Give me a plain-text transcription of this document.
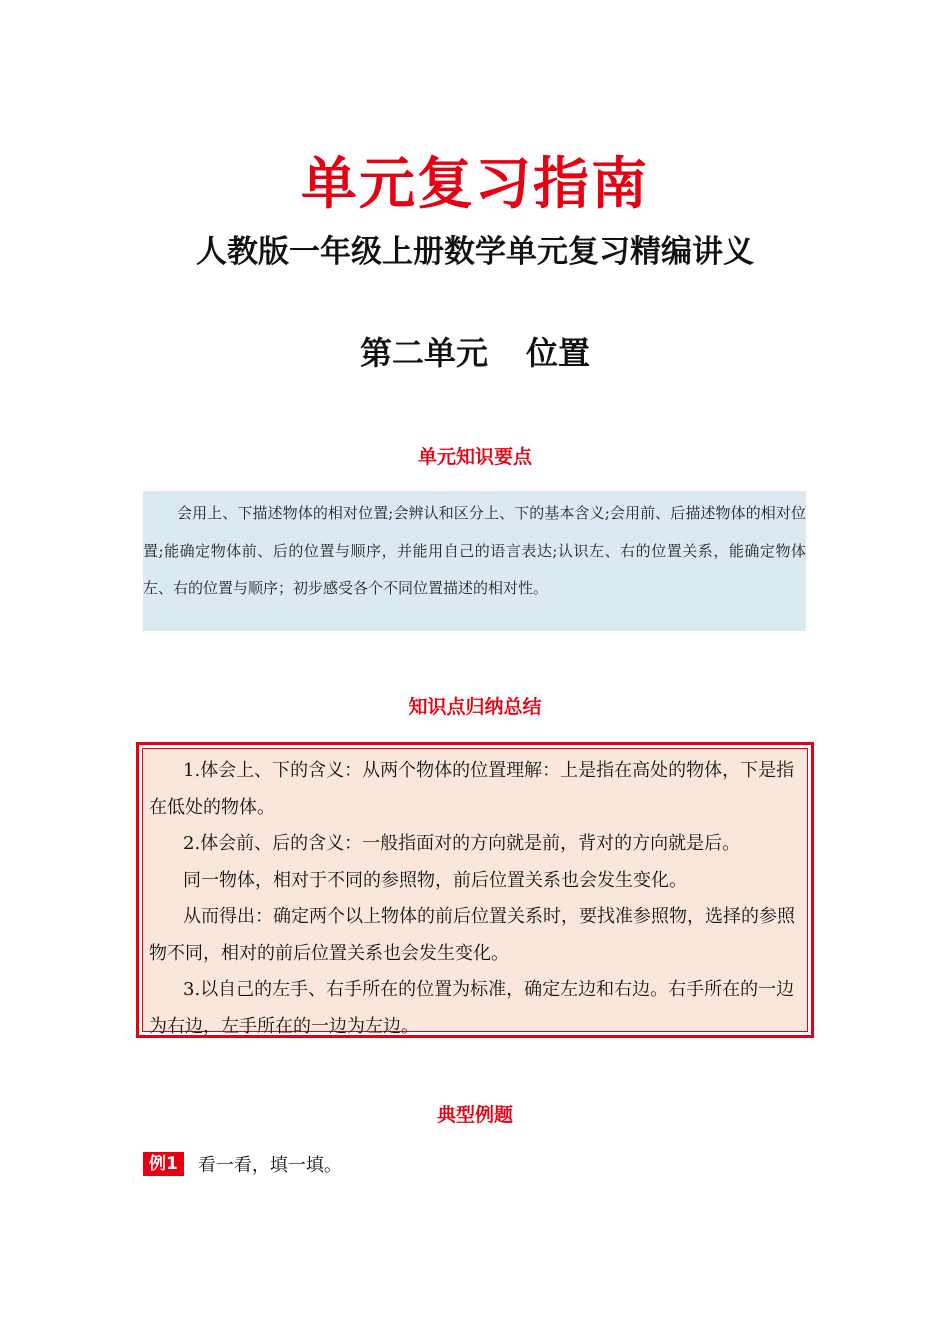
单元复习指南
人教版一年级上册数学单元复习精编讲义
第二单元 位置
单元知识要点
会用上、下描述物体的相对位置;会辨认和区分上、下的基本含义;会用前、后描述物体的相对位置;能确定物体前、后的位置与顺序，并能用自己的语言表达;认识左、右的位置关系，能确定物体左、右的位置与顺序；初步感受各个不同位置描述的相对性。
知识点归纳总结

1.体会上、下的含义：从两个物体的位置理解：上是指在高处的物体，下是指在低处的物体。

2.体会前、后的含义：一般指面对的方向就是前，背对的方向就是后。

同一物体，相对于不同的参照物，前后位置关系也会发生变化。

从而得出：确定两个以上物体的前后位置关系时，要找准参照物，选择的参照物不同，相对的前后位置关系也会发生变化。

3.以自己的左手、右手所在的位置为标准，确定左边和右边。右手所在的一边为右边，左手所在的一边为左边。

典型例题
例1	看一看，填一填。
